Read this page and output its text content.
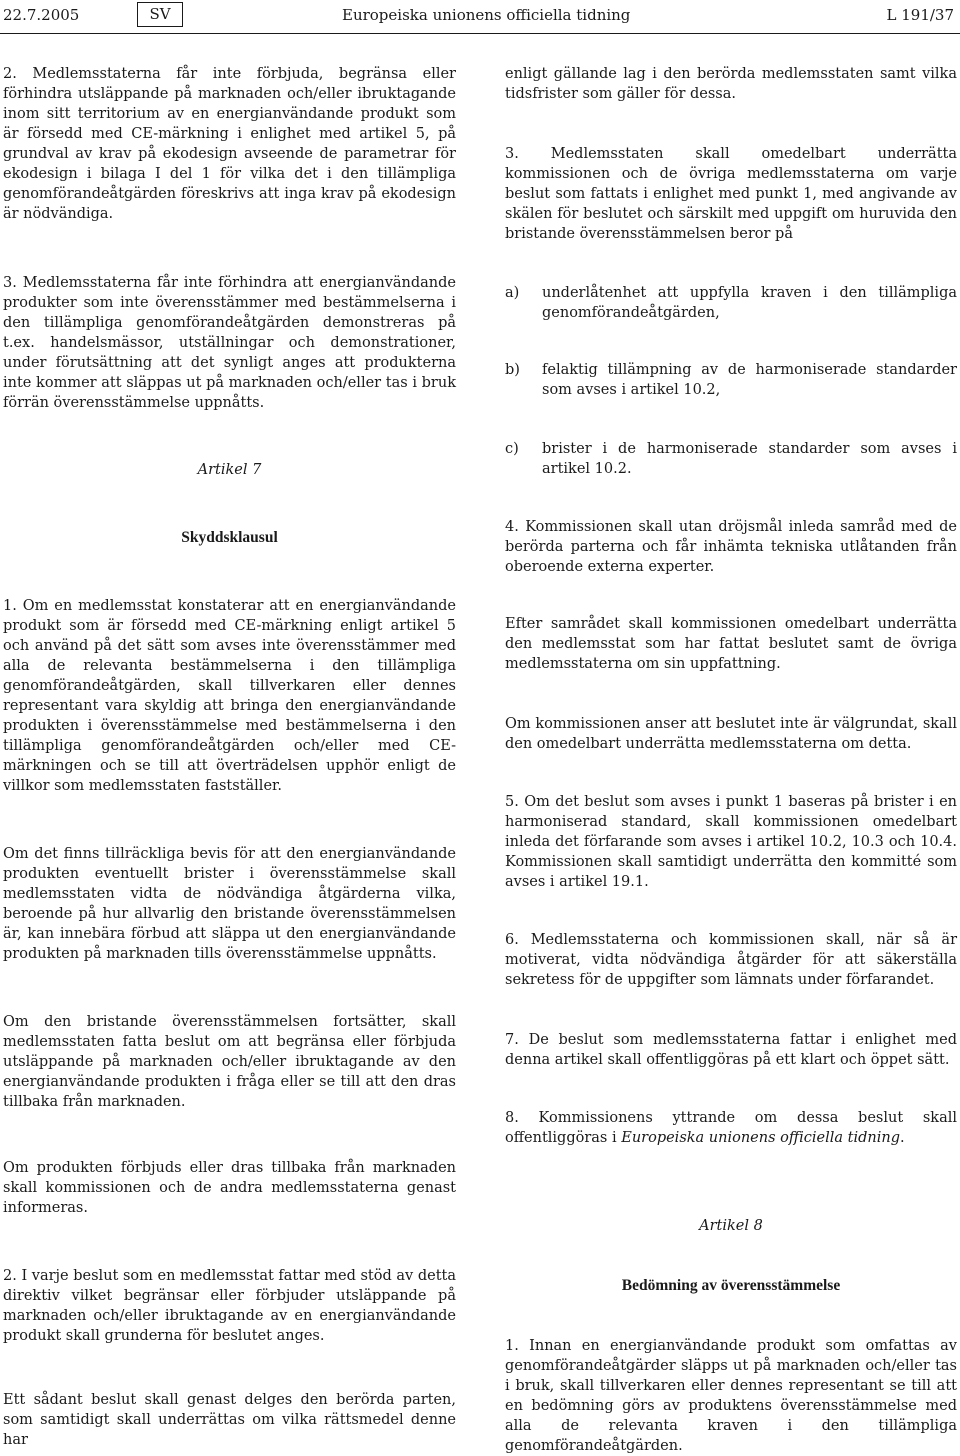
22.7.2005	SV	Europeiska unionens officiella tidning	L 191/37

2. Medlemsstaterna får inte förbjuda, begränsa eller förhindra utsläppande på marknaden och/eller ibruktagande inom sitt territorium av en energianvändande produkt som är försedd med CE-märkning i enlighet med artikel 5, på grundval av krav på ekodesign avseende de parametrar för ekodesign i bilaga I del 1 för vilka det i den tillämpliga genomförandeåtgärden föreskrivs att inga krav på ekodesign är nödvändiga.

3. Medlemsstaterna får inte förhindra att energianvändande produkter som inte överensstämmer med bestämmelserna i den tillämpliga genomförandeåtgärden demonstreras på t.ex. handelsmässor, utställningar och demonstrationer, under förutsättning att det synligt anges att produkterna inte kommer att släppas ut på marknaden och/eller tas i bruk förrän överensstämmelse uppnåtts.

Artikel 7

Skyddsklausul

1. Om en medlemsstat konstaterar att en energianvändande produkt som är försedd med CE-märkning enligt artikel 5 och använd på det sätt som avses inte överensstämmer med alla de relevanta bestämmelserna i den tillämpliga genomförandeåtgärden, skall tillverkaren eller dennes representant vara skyldig att bringa den energianvändande produkten i överensstämmelse med bestämmelserna i den tillämpliga genomförandeåtgärden och/eller med CE-märkningen och se till att överträdelsen upphör enligt de villkor som medlemsstaten fastställer.

Om det finns tillräckliga bevis för att den energianvändande produkten eventuellt brister i överensstämmelse skall medlemsstaten vidta de nödvändiga åtgärderna vilka, beroende på hur allvarlig den bristande överensstämmelsen är, kan innebära förbud att släppa ut den energianvändande produkten på marknaden tills överensstämmelse uppnåtts.

Om den bristande överensstämmelsen fortsätter, skall medlemsstaten fatta beslut om att begränsa eller förbjuda utsläppande på marknaden och/eller ibruktagande av den energianvändande produkten i fråga eller se till att den dras tillbaka från marknaden.

Om produkten förbjuds eller dras tillbaka från marknaden skall kommissionen och de andra medlemsstaterna genast informeras.

2. I varje beslut som en medlemsstat fattar med stöd av detta direktiv vilket begränsar eller förbjuder utsläppande på marknaden och/eller ibruktagande av en energianvändande produkt skall grunderna för beslutet anges.

Ett sådant beslut skall genast delges den berörda parten, som samtidigt skall underrättas om vilka rättsmedel denne har

enligt gällande lag i den berörda medlemsstaten samt vilka tidsfrister som gäller för dessa.

3. Medlemsstaten skall omedelbart underrätta kommissionen och de övriga medlemsstaterna om varje beslut som fattats i enlighet med punkt 1, med angivande av skälen för beslutet och särskilt med uppgift om huruvida den bristande överensstämmelsen beror på

a)	underlåtenhet att uppfylla kraven i den tillämpliga genomförandeåtgärden,
b)	felaktig tillämpning av de harmoniserade standarder som avses i artikel 10.2,
c)	brister i de harmoniserade standarder som avses i artikel 10.2.

4. Kommissionen skall utan dröjsmål inleda samråd med de berörda parterna och får inhämta tekniska utlåtanden från oberoende externa experter.

Efter samrådet skall kommissionen omedelbart underrätta den medlemsstat som har fattat beslutet samt de övriga medlemsstaterna om sin uppfattning.

Om kommissionen anser att beslutet inte är välgrundat, skall den omedelbart underrätta medlemsstaterna om detta.

5. Om det beslut som avses i punkt 1 baseras på brister i en harmoniserad standard, skall kommissionen omedelbart inleda det förfarande som avses i artikel 10.2, 10.3 och 10.4. Kommissionen skall samtidigt underrätta den kommitté som avses i artikel 19.1.

6. Medlemsstaterna och kommissionen skall, när så är motiverat, vidta nödvändiga åtgärder för att säkerställa sekretess för de uppgifter som lämnats under förfarandet.

7. De beslut som medlemsstaterna fattar i enlighet med denna artikel skall offentliggöras på ett klart och öppet sätt.

8. Kommissionens yttrande om dessa beslut skall offentliggöras i Europeiska unionens officiella tidning.

Artikel 8

Bedömning av överensstämmelse

1. Innan en energianvändande produkt som omfattas av genomförandeåtgärder släpps ut på marknaden och/eller tas i bruk, skall tillverkaren eller dennes representant se till att en bedömning görs av produktens överensstämmelse med alla de relevanta kraven i den tillämpliga genomförandeåtgärden.
